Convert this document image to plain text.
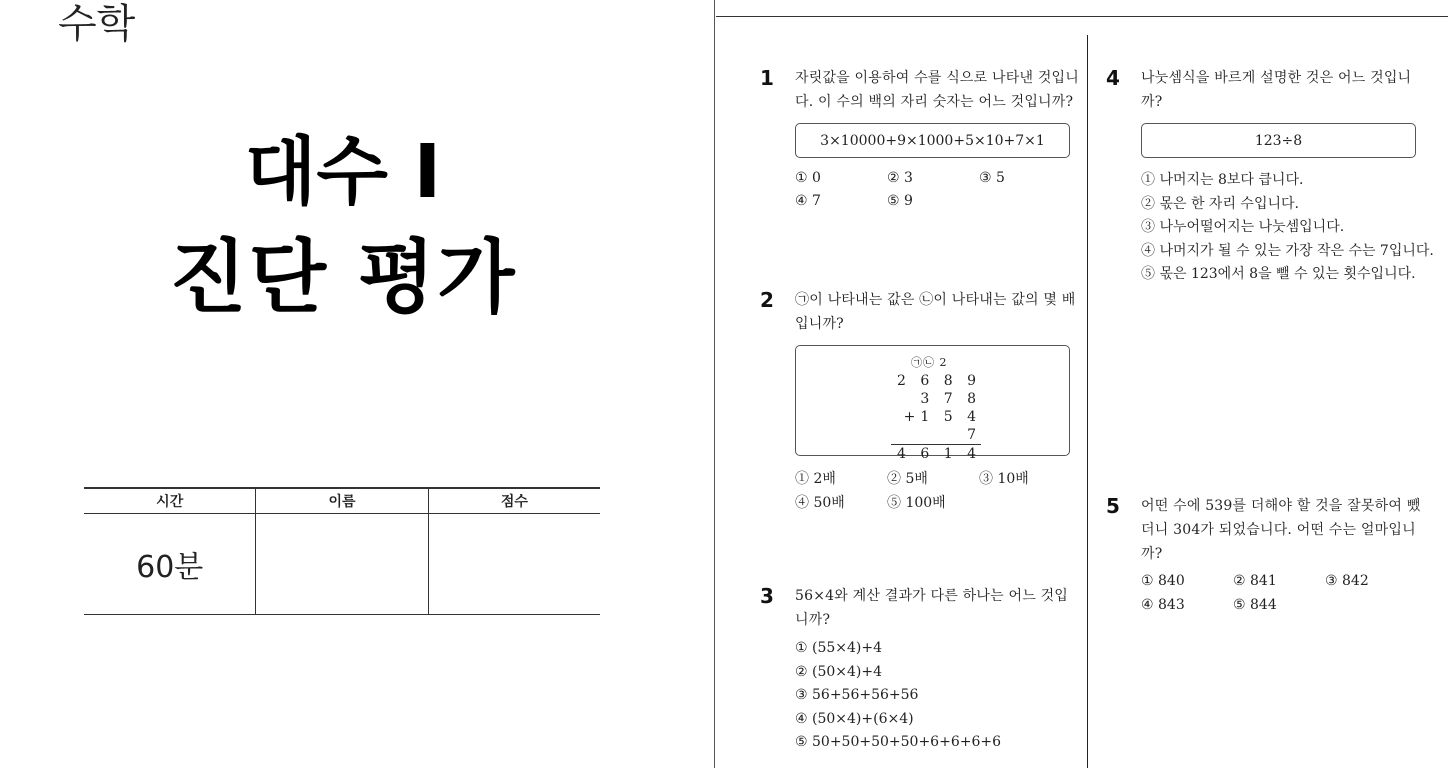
수학
대수 I
진단 평가
시간	이름	점수
60분		
1 자릿값을 이용하여 수를 식으로 나타낸 것입니
다. 이 수의 백의 자리 숫자는 어느 것입니까?
3×10000+9×1000+5×10+7×1
① 0	② 3	③ 5
④ 7	⑤ 9
2 ㉠이 나타내는 값은 ㉡이 나타내는 값의 몇 배
입니까?
㉠㉡ 2
2 6 8 9
3 7 8
+1 5 4 7
4 6 1 4
① 2배	② 5배	③ 10배
④ 50배	⑤ 100배
3 56×4와 계산 결과가 다른 하나는 어느 것입
니까?
① (55×4)+4
② (50×4)+4
③ 56+56+56+56
④ (50×4)+(6×4)
⑤ 50+50+50+50+6+6+6+6
4 나눗셈식을 바르게 설명한 것은 어느 것입니
까?
123÷8
① 나머지는 8보다 큽니다.
② 몫은 한 자리 수입니다.
③ 나누어떨어지는 나눗셈입니다.
④ 나머지가 될 수 있는 가장 작은 수는 7입니다.
⑤ 몫은 123에서 8을 뺄 수 있는 횟수입니다.
5 어떤 수에 539를 더해야 할 것을 잘못하여 뺐
더니 304가 되었습니다. 어떤 수는 얼마입니
까?
① 840	② 841	③ 842
④ 843	⑤ 844
